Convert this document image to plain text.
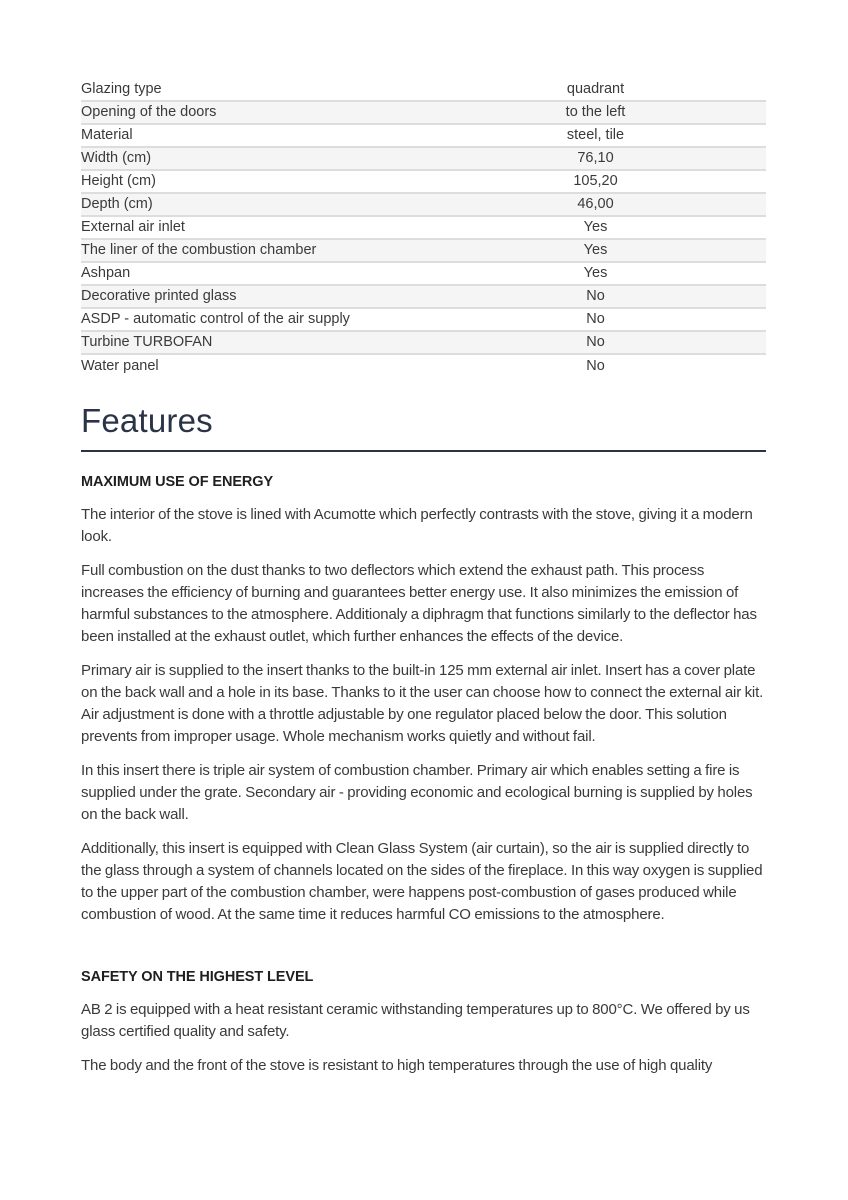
Glazing type	quadrant
Opening of the doors	to the left
Material	steel, tile
Width (cm)	76,10
Height (cm)	105,20
Depth (cm)	46,00
External air inlet	Yes
The liner of the combustion chamber	Yes
Ashpan	Yes
Decorative printed glass	No
ASDP - automatic control of the air supply	No
Turbine TURBOFAN	No
Water panel	No
Features
MAXIMUM USE OF ENERGY

The interior of the stove is lined with Acumotte which perfectly contrasts with the stove, giving it a modern look.

Full combustion on the dust thanks to two deflectors which extend the exhaust path. This process increases the efficiency of burning and guarantees better energy use. It also minimizes the emission of harmful substances to the atmosphere. Additionaly a diphragm that functions similarly to the deflector has been installed at the exhaust outlet, which further enhances the effects of the device.

Primary air is supplied to the insert thanks to the built-in 125 mm external air inlet. Insert has a cover plate on the back wall and a hole in its base. Thanks to it the user can choose how to connect the external air kit. Air adjustment is done with a throttle adjustable by one regulator placed below the door. This solution prevents from improper usage. Whole mechanism works quietly and without fail.

In this insert there is triple air system of combustion chamber. Primary air which enables setting a fire is supplied under the grate. Secondary air - providing economic and ecological burning is supplied by holes on the back wall.

Additionally, this insert is equipped with Clean Glass System (air curtain), so the air is supplied directly to the glass through a system of channels located on the sides of the fireplace. In this way oxygen is supplied to the upper part of the combustion chamber, were happens post-combustion of gases produced while combustion of wood. At the same time it reduces harmful CO emissions to the atmosphere.

SAFETY ON THE HIGHEST LEVEL

AB 2 is equipped with a heat resistant ceramic withstanding temperatures up to 800°C. We offered by us glass certified quality and safety.

The body and the front of the stove is resistant to high temperatures through the use of high quality
